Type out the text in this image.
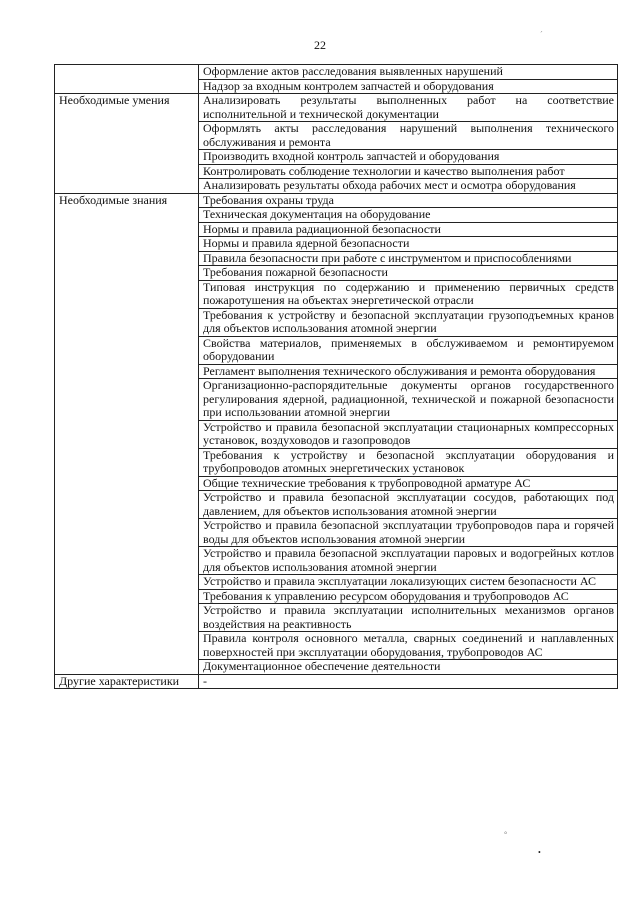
22
	Оформление актов расследования выявленных нарушений
	Надзор за входным контролем запчастей и оборудования
Необходимые умения	Анализировать результаты выполненных работ на соответствие исполнительной и технической документации
	Оформлять акты расследования нарушений выполнения технического обслуживания и ремонта
	Производить входной контроль запчастей и оборудования
	Контролировать соблюдение технологии и качество выполнения работ
	Анализировать результаты обхода рабочих мест и осмотра оборудования
Необходимые знания	Требования охраны труда
	Техническая документация на оборудование
	Нормы и правила радиационной безопасности
	Нормы и правила ядерной безопасности
	Правила безопасности при работе с инструментом и приспособлениями
	Требования пожарной безопасности
	Типовая инструкция по содержанию и применению первичных средств пожаротушения на объектах энергетической отрасли
	Требования к устройству и безопасной эксплуатации грузоподъемных кранов для объектов использования атомной энергии
	Свойства материалов, применяемых в обслуживаемом и ремонтируемом оборудовании
	Регламент выполнения технического обслуживания и ремонта оборудования
	Организационно-распорядительные документы органов государственного регулирования ядерной, радиационной, технической и пожарной безопасности при использовании атомной энергии
	Устройство и правила безопасной эксплуатации стационарных компрессорных установок, воздуховодов и газопроводов
	Требования к устройству и безопасной эксплуатации оборудования и трубопроводов атомных энергетических установок
	Общие технические требования к трубопроводной арматуре АС
	Устройство и правила безопасной эксплуатации сосудов, работающих под давлением, для объектов использования атомной энергии
	Устройство и правила безопасной эксплуатации трубопроводов пара и горячей воды для объектов использования атомной энергии
	Устройство и правила безопасной эксплуатации паровых и водогрейных котлов для объектов использования атомной энергии
	Устройство и правила эксплуатации локализующих систем безопасности АС
	Требования к управлению ресурсом оборудования и трубопроводов АС
	Устройство и правила эксплуатации исполнительных механизмов органов воздействия на реактивность
	Правила контроля основного металла, сварных соединений и наплавленных поверхностей при эксплуатации оборудования, трубопроводов АС
	Документационное обеспечение деятельности
Другие характеристики	-
´
°
•
